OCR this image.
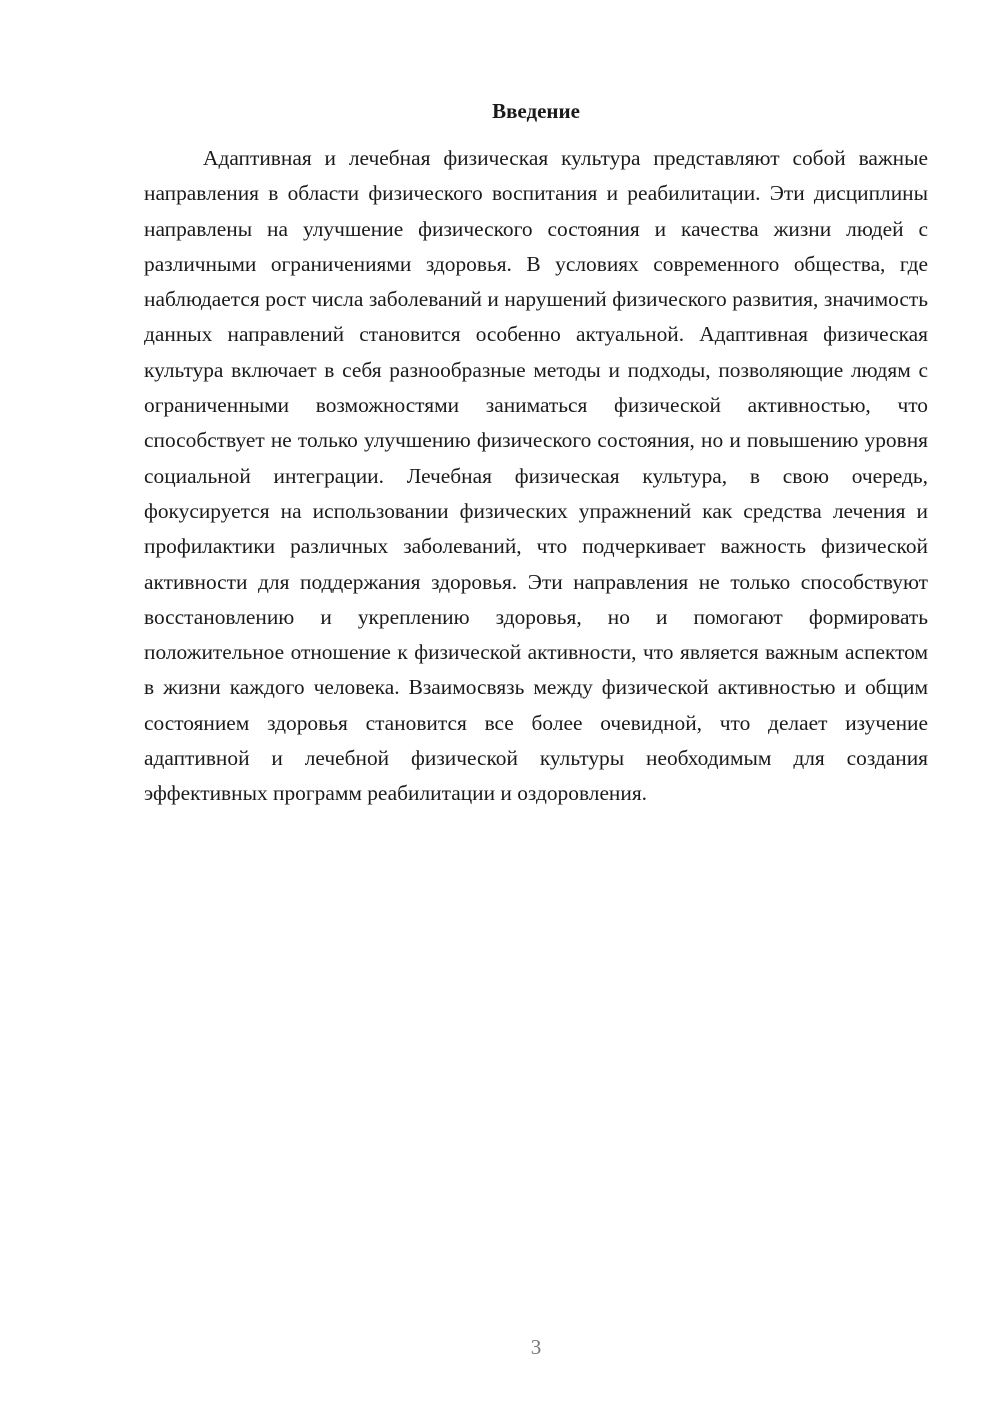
Введение

Адаптивная и лечебная физическая культура представляют собой важные направления в области физического воспитания и реабилитации. Эти дисциплины направлены на улучшение физического состояния и качества жизни людей с различными ограничениями здоровья. В условиях современного общества, где наблюдается рост числа заболеваний и нарушений физического развития, значимость данных направлений становится особенно актуальной. Адаптивная физическая культура включает в себя разнообразные методы и подходы, позволяющие людям с ограниченными возможностями заниматься физической активностью, что способствует не только улучшению физического состояния, но и повышению уровня социальной интеграции. Лечебная физическая культура, в свою очередь, фокусируется на использовании физических упражнений как средства лечения и профилактики различных заболеваний, что подчеркивает важность физической активности для поддержания здоровья. Эти направления не только способствуют восстановлению и укреплению здоровья, но и помогают формировать положительное отношение к физической активности, что является важным аспектом в жизни каждого человека. Взаимосвязь между физической активностью и общим состоянием здоровья становится все более очевидной, что делает изучение адаптивной и лечебной физической культуры необходимым для создания эффективных программ реабилитации и оздоровления.

3
